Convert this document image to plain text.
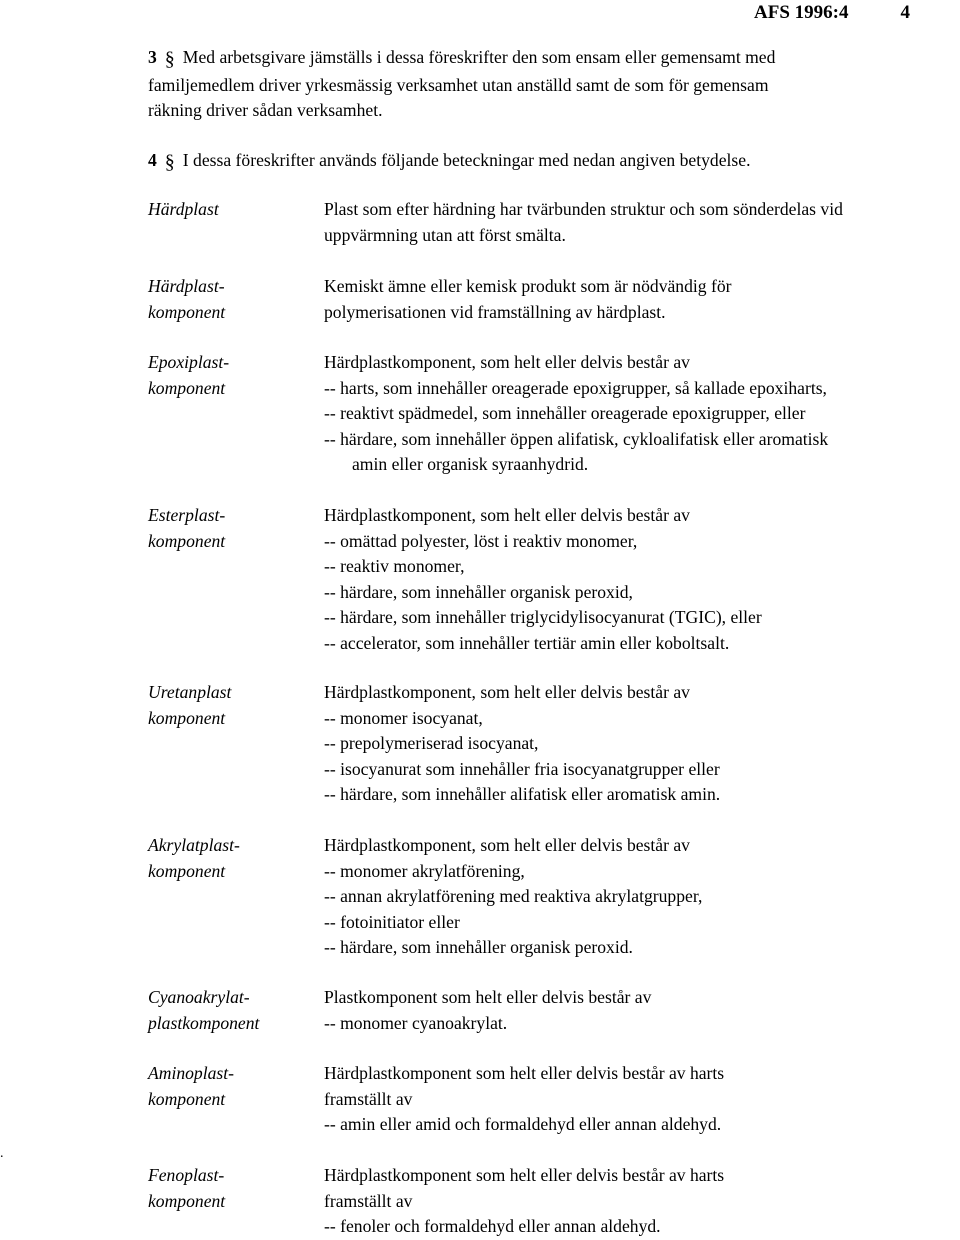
AFS 1996:4	4
3 § Med arbetsgivare jämställs i dessa föreskrifter den som ensam eller gemensamt med
familjemedlem driver yrkesmässig verksamhet utan anställd samt de som för gemensam
räkning driver sådan verksamhet.
4 § I dessa föreskrifter används följande beteckningar med nedan angiven betydelse.
Härdplast	Plast som efter härdning har tvärbunden struktur och som sönderdelas vid
uppvärmning utan att först smälta.
Härdplast-
komponent
Kemiskt ämne eller kemisk produkt som är nödvändig för
polymerisationen vid framställning av härdplast.
Epoxiplast-
komponent
Härdplastkomponent, som helt eller delvis består av
-- harts, som innehåller oreagerade epoxigrupper, så kallade epoxiharts,
-- reaktivt spädmedel, som innehåller oreagerade epoxigrupper, eller
-- härdare, som innehåller öppen alifatisk, cykloalifatisk eller aromatisk
amin eller organisk syraanhydrid.
Esterplast-
komponent
Härdplastkomponent, som helt eller delvis består av
-- omättad polyester, löst i reaktiv monomer,
-- reaktiv monomer,
-- härdare, som innehåller organisk peroxid,
-- härdare, som innehåller triglycidylisocyanurat (TGIC), eller
-- accelerator, som innehåller tertiär amin eller koboltsalt.
Uretanplast
komponent
Härdplastkomponent, som helt eller delvis består av
-- monomer isocyanat,
-- prepolymeriserad isocyanat,
-- isocyanurat som innehåller fria isocyanatgrupper eller
-- härdare, som innehåller alifatisk eller aromatisk amin.
Akrylatplast-
komponent
Härdplastkomponent, som helt eller delvis består av
-- monomer akrylatförening,
-- annan akrylatförening med reaktiva akrylatgrupper,
-- fotoinitiator eller
-- härdare, som innehåller organisk peroxid.
Cyanoakrylat-
plastkomponent
Plastkomponent som helt eller delvis består av
-- monomer cyanoakrylat.
Aminoplast-
komponent
Härdplastkomponent som helt eller delvis består av harts
framställt av
-- amin eller amid och formaldehyd eller annan aldehyd.
Fenoplast-
komponent
Härdplastkomponent som helt eller delvis består av harts
framställt av
-- fenoler och formaldehyd eller annan aldehyd.
.
